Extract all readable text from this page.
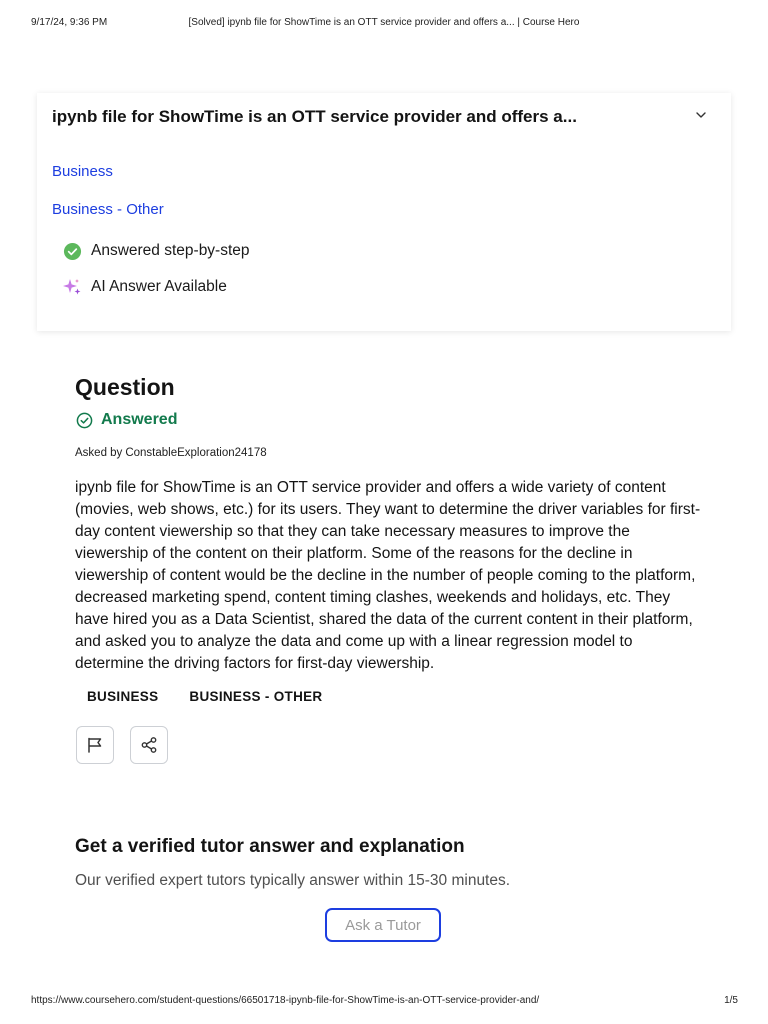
9/17/24, 9:36 PM	[Solved] ipynb file for ShowTime is an OTT service provider and offers a... | Course Hero
ipynb file for ShowTime is an OTT service provider and offers a...
Business
Business - Other
Answered step-by-step
AI Answer Available
Question
Answered
Asked by ConstableExploration24178
ipynb file for ShowTime is an OTT service provider and offers a wide variety of content (movies, web shows, etc.) for its users. They want to determine the driver variables for first-day content viewership so that they can take necessary measures to improve the viewership of the content on their platform. Some of the reasons for the decline in viewership of content would be the decline in the number of people coming to the platform, decreased marketing spend, content timing clashes, weekends and holidays, etc. They have hired you as a Data Scientist, shared the data of the current content in their platform, and asked you to analyze the data and come up with a linear regression model to determine the driving factors for first-day viewership.
BUSINESS BUSINESS - OTHER
Get a verified tutor answer and explanation
Our verified expert tutors typically answer within 15-30 minutes.
Ask a Tutor
https://www.coursehero.com/student-questions/66501718-ipynb-file-for-ShowTime-is-an-OTT-service-provider-and/	1/5
